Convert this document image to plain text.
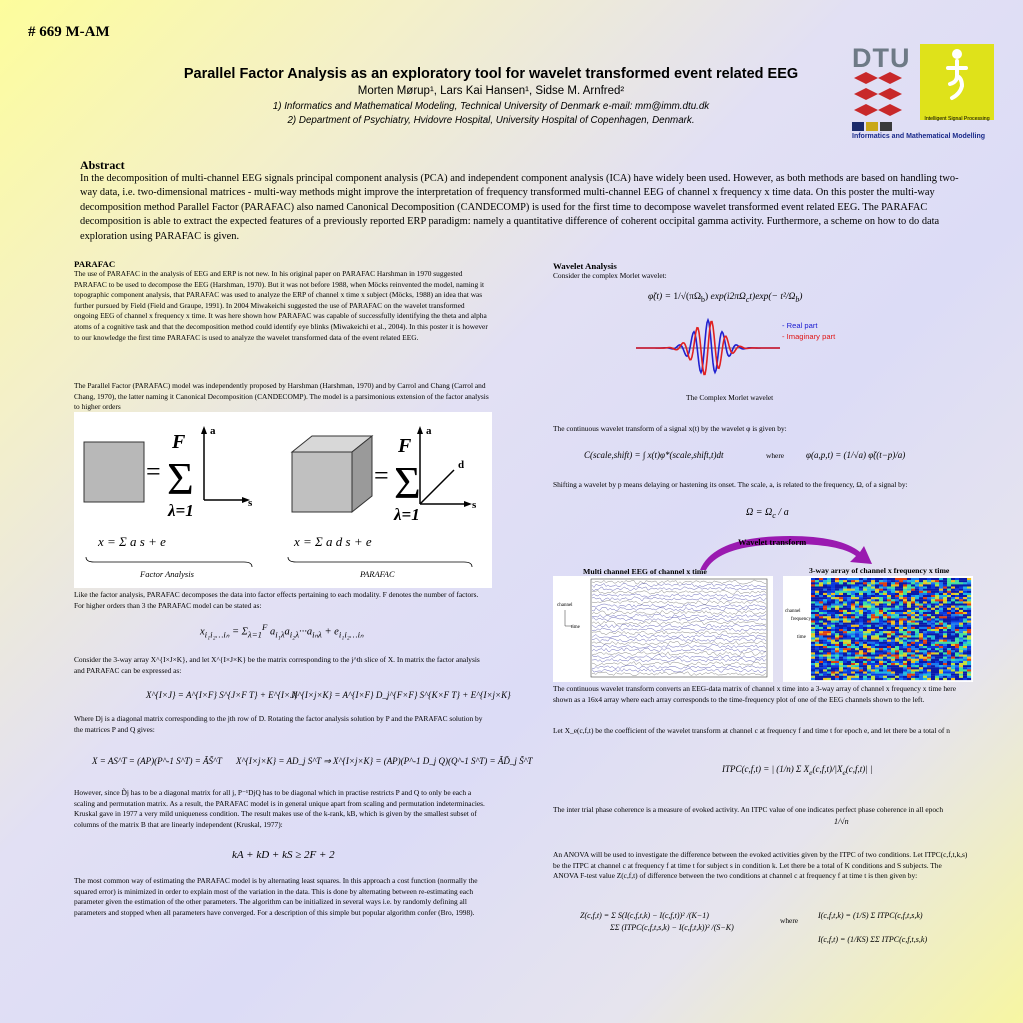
# 669 M-AM
Parallel Factor Analysis as an exploratory tool for wavelet transformed event related EEG
Morten Mørup¹, Lars Kai Hansen¹, Sidse M. Arnfred²
1) Informatics and Mathematical Modeling, Technical University of Denmark e-mail: mm@imm.dtu.dk
2) Department of Psychiatry, Hvidovre Hospital, University Hospital of Copenhagen, Denmark.
DTU
Intelligent Signal Processing
Informatics and Mathematical Modelling
Abstract
In the decomposition of multi-channel EEG signals principal component analysis (PCA) and independent component analysis (ICA) have widely been used. However, as both methods are based on handling two-way data, i.e. two-dimensional matrices - multi-way methods might improve the interpretation of frequency transformed multi-channel EEG of channel x frequency x time data. On this poster the multi-way decomposition method Parallel Factor (PARAFAC) also named Canonical Decomposition (CANDECOMP) is used for the first time to decompose wavelet transformed event related EEG. The PARAFAC decomposition is able to extract the expected features of a previously reported ERP paradigm: namely a quantitative difference of coherent occipital gamma activity. Furthermore, a scheme on how to do data exploration using PARAFAC is given.
PARAFAC
The use of PARAFAC in the analysis of EEG and ERP is not new. In his original paper on PARAFAC Harshman in 1970 suggested PARAFAC to be used to decompose the EEG (Harshman, 1970). But it was not before 1988, when Möcks reinvented the model, naming it topographic component analysis, that PARAFAC was used to analyze the ERP of channel x time x subject (Möcks, 1988) an idea that was further pursued by Field (Field and Graupe, 1991). In 2004 Miwakeichi suggested the use of PARAFAC on the wavelet transformed ongoing EEG of channel x frequency x time. It was here shown how PARAFAC was capable of successfully identifying the theta and alpha atoms of a cognitive task and that the decomposition method could identify eye blinks (Miwakeichi et al., 2004). In this poster it is however to our knowledge the first time PARAFAC is used to analyze the wavelet transformed data of the event related EEG.
The Parallel Factor (PARAFAC) model was independently proposed by Harshman (Harshman, 1970) and by Carrol and Chang (Carrol and Chang, 1970), the latter naming it Canonical Decomposition (CANDECOMP). The model is a parsimonious extension of the factor analysis to higher orders
= Σ
F
λ=1
a
s
x = Σ a s + e
Factor Analysis
= Σ
F
λ=1
a
d
s
x = Σ a d s + e
PARAFAC
Like the factor analysis, PARAFAC decomposes the data into factor effects pertaining to each modality. F denotes the number of factors. For higher orders than 3 the PARAFAC model can be stated as:
$x_{i_1i_2\dots i_n} = \Sigma_{\lambda=1}^F$ $a_{i_1\lambda}a_{i_2\lambda}\cdot\cdot\cdot a_{i_n\lambda} + e_{i_1i_2\dots i_n}$
Consider the 3-way array X^{I×J×K}, and let X^{I×J×K} be the matrix corresponding to the j^th slice of X. In matrix the factor analysis and PARAFAC can be expressed as:
X^{I×J} = A^{I×F} S^{J×F T} + E^{I×J}
X^{I×j×K} = A^{I×F} D_j^{F×F} S^{K×F T} + E^{I×j×K}
Where Dj is a diagonal matrix corresponding to the jth row of D. Rotating the factor analysis solution by P and the PARAFAC solution by the matrices P and Q gives:
X = AS^T = (AP)(P^-1 S^T) = ÃS̃^T X^{I×j×K} = AD_j S^T ⇒ X^{I×j×K} = (AP)(P^-1 D_j Q)(Q^-1 S^T) = ÃD̃_j S̃^T
However, since D̃j has to be a diagonal matrix for all j, P⁻¹DjQ has to be diagonal which in practise restricts P and Q to only be each a scaling and permutation matrix. As a result, the PARAFAC model is in general unique apart from scaling and permutation indeterminacies. Kruskal gave in 1977 a very mild uniqueness condition. The result makes use of the k-rank, kB, which is given by the smallest subset of columns of the matrix B that are linearly independent (Kruskal, 1977):
kA + kD + kS ≥ 2F + 2
The most common way of estimating the PARAFAC model is by alternating least squares. In this approach a cost function (normally the squared error) is minimized in order to explain most of the variation in the data. This is done by alternating between re-estimating each parameter given the estimation of the other parameters. The algorithm can be initialized in several ways i.e. by randomly defining all parameters and stopped when all parameters have converged. For a description of this simple but popular algorithm confer (Bro, 1998).
Wavelet Analysis
Consider the complex Morlet wavelet:
φ̃(t) = $1/√(\pi\Omega_b)$ $\exp(i2\pi\Omega_ct)\exp(- t^2/\Omega_b)$
- Real part
- Imaginary part
The Complex Morlet wavelet
The continuous wavelet transform of a signal x(t) by the wavelet φ is given by:
C(scale,shift) = ∫ x(t)φ*(scale,shift,t)dt	where φ(a,p,t) = (1/√a) φ̃((t−p)/a)
Shifting a wavelet by p means delaying or hastening its onset. The scale, a, is related to the frequency, Ω, of a signal by:
$\Omega = \Omega_c / a$
Wavelet transform
Multi channel EEG of channel x time	3-way array of channel x frequency x time
channel
time
channel
frequency
time
The continuous wavelet transform converts an EEG-data matrix of channel x time into a 3-way array of channel x frequency x time here shown as a 16x4 array where each array corresponds to the time-frequency plot of one of the EEG channels shown to the left.
Let X_e(c,f,t) be the coefficient of the wavelet transform at channel c at frequency f and time t for epoch e, and let there be a total of n
ITPC(c,f,t) = | (1/n) Σ $X_e(c,f,t)/|X_e(c,f,t)|$ |
The inter trial phase coherence is a measure of evoked activity. An ITPC value of one indicates perfect phase coherence in all epoch
1/√n
An ANOVA will be used to investigate the difference between the evoked activities given by the ITPC of two conditions. Let ITPC(c,f,t,k,s) be the ITPC at channel c at frequency f at time t for subject s in condition k. Let there be a total of K conditions and S subjects. The ANOVA F-test value Z(c,f,t) of difference between the two conditions at channel c at frequency f at time t is then given by:
Z(c,f,t) = Σ S(I(c,f,t,k) − I(c,f,t))² /(K−1)
ΣΣ (ITPC(c,f,t,s,k) − I(c,f,t,k))² /(S−K)
where
I(c,f,t,k) = (1/S) Σ ITPC(c,f,t,s,k)
I(c,f,t) = (1/KS) ΣΣ ITPC(c,f,t,s,k)
